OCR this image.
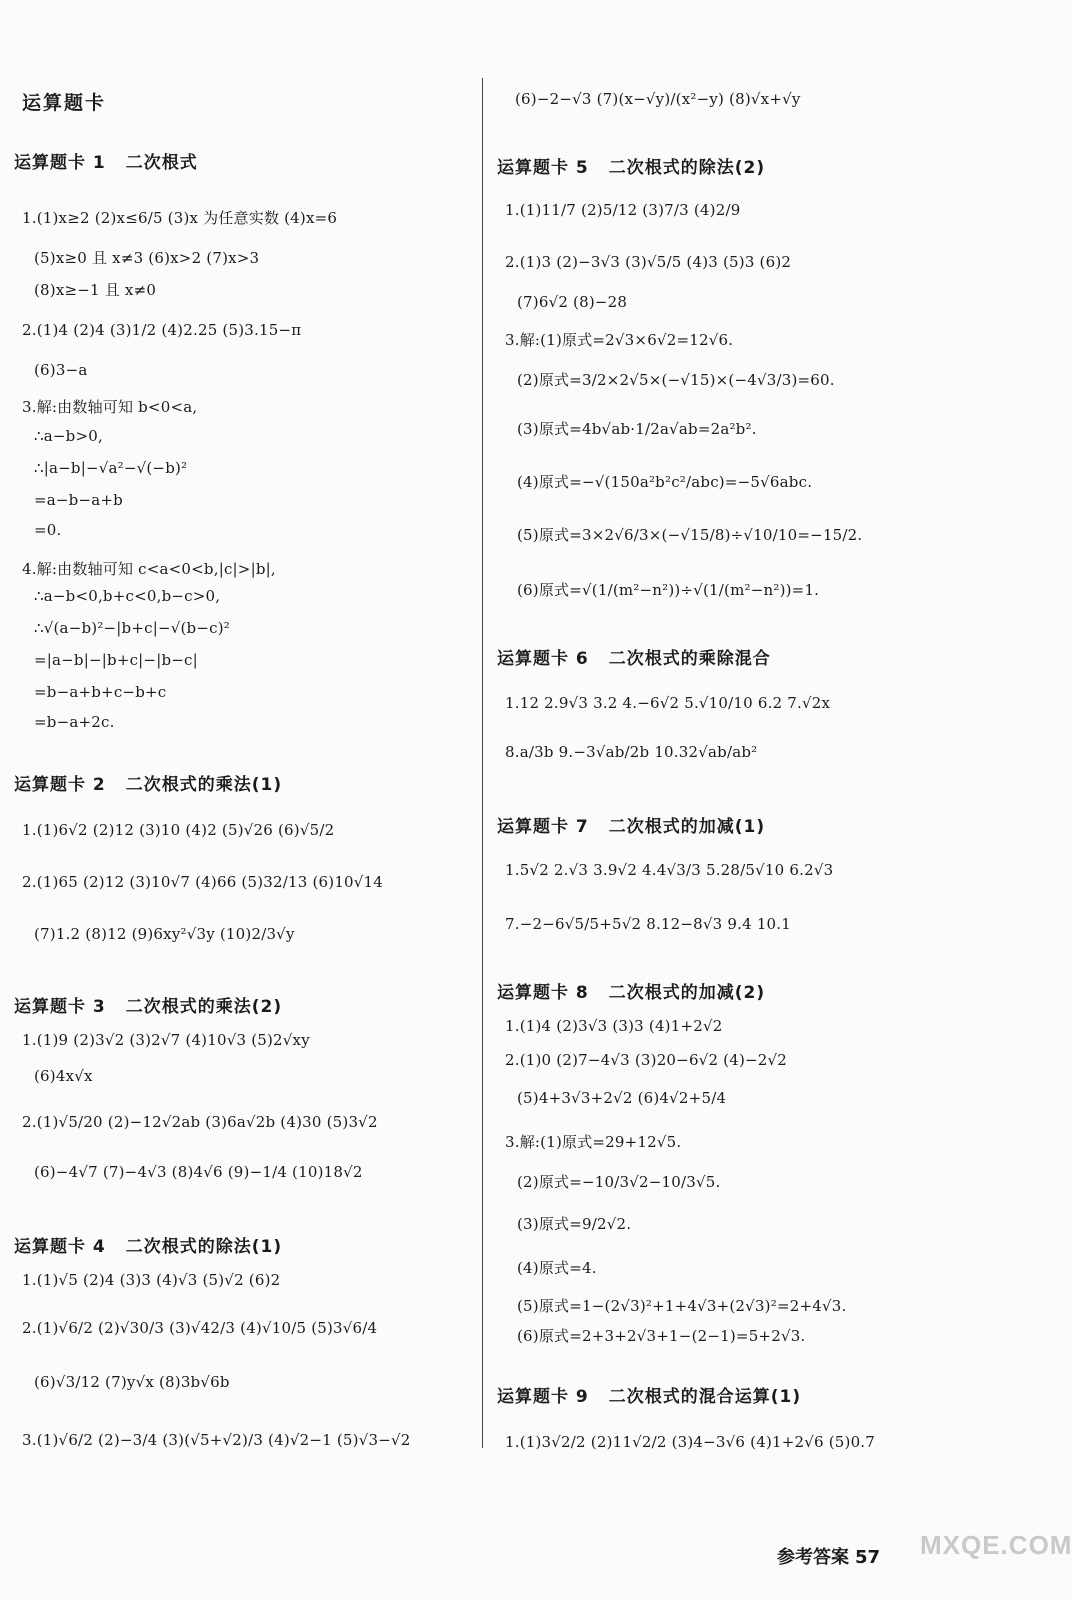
运算题卡
运算题卡 1 二次根式
1.(1)x≥2 (2)x≤6/5 (3)x 为任意实数 (4)x=6
(5)x≥0 且 x≠3 (6)x>2 (7)x>3
(8)x≥−1 且 x≠0
2.(1)4 (2)4 (3)1/2 (4)2.25 (5)3.15−π
(6)3−a
3.解:由数轴可知 b<0<a,
∴a−b>0,
∴|a−b|−√a²−√(−b)²
=a−b−a+b
=0.
4.解:由数轴可知 c<a<0<b,|c|>|b|,
∴a−b<0,b+c<0,b−c>0,
∴√(a−b)²−|b+c|−√(b−c)²
=|a−b|−|b+c|−|b−c|
=b−a+b+c−b+c
=b−a+2c.
运算题卡 2 二次根式的乘法(1)
1.(1)6√2 (2)12 (3)10 (4)2 (5)√26 (6)√5/2
2.(1)65 (2)12 (3)10√7 (4)66 (5)32/13 (6)10√14
(7)1.2 (8)12 (9)6xy²√3y (10)2/3√y
运算题卡 3 二次根式的乘法(2)
1.(1)9 (2)3√2 (3)2√7 (4)10√3 (5)2√xy
(6)4x√x
2.(1)√5/20 (2)−12√2ab (3)6a√2b (4)30 (5)3√2
(6)−4√7 (7)−4√3 (8)4√6 (9)−1/4 (10)18√2
运算题卡 4 二次根式的除法(1)
1.(1)√5 (2)4 (3)3 (4)√3 (5)√2 (6)2
2.(1)√6/2 (2)√30/3 (3)√42/3 (4)√10/5 (5)3√6/4
(6)√3/12 (7)y√x (8)3b√6b
3.(1)√6/2 (2)−3/4 (3)(√5+√2)/3 (4)√2−1 (5)√3−√2
(6)−2−√3 (7)(x−√y)/(x²−y) (8)√x+√y
运算题卡 5 二次根式的除法(2)
1.(1)11/7 (2)5/12 (3)7/3 (4)2/9
2.(1)3 (2)−3√3 (3)√5/5 (4)3 (5)3 (6)2
(7)6√2 (8)−28
3.解:(1)原式=2√3×6√2=12√6.
(2)原式=3/2×2√5×(−√15)×(−4√3/3)=60.
(3)原式=4b√ab·1/2a√ab=2a²b².
(4)原式=−√(150a²b²c²/abc)=−5√6abc.
(5)原式=3×2√6/3×(−√15/8)÷√10/10=−15/2.
(6)原式=√(1/(m²−n²))÷√(1/(m²−n²))=1.
运算题卡 6 二次根式的乘除混合
1.12 2.9√3 3.2 4.−6√2 5.√10/10 6.2 7.√2x
8.a/3b 9.−3√ab/2b 10.32√ab/ab²
运算题卡 7 二次根式的加减(1)
1.5√2 2.√3 3.9√2 4.4√3/3 5.28/5√10 6.2√3
7.−2−6√5/5+5√2 8.12−8√3 9.4 10.1
运算题卡 8 二次根式的加减(2)
1.(1)4 (2)3√3 (3)3 (4)1+2√2
2.(1)0 (2)7−4√3 (3)20−6√2 (4)−2√2
(5)4+3√3+2√2 (6)4√2+5/4
3.解:(1)原式=29+12√5.
(2)原式=−10/3√2−10/3√5.
(3)原式=9/2√2.
(4)原式=4.
(5)原式=1−(2√3)²+1+4√3+(2√3)²=2+4√3.
(6)原式=2+3+2√3+1−(2−1)=5+2√3.
运算题卡 9 二次根式的混合运算(1)
1.(1)3√2/2 (2)11√2/2 (3)4−3√6 (4)1+2√6 (5)0.7
参考答案 57 MXQE.COM
